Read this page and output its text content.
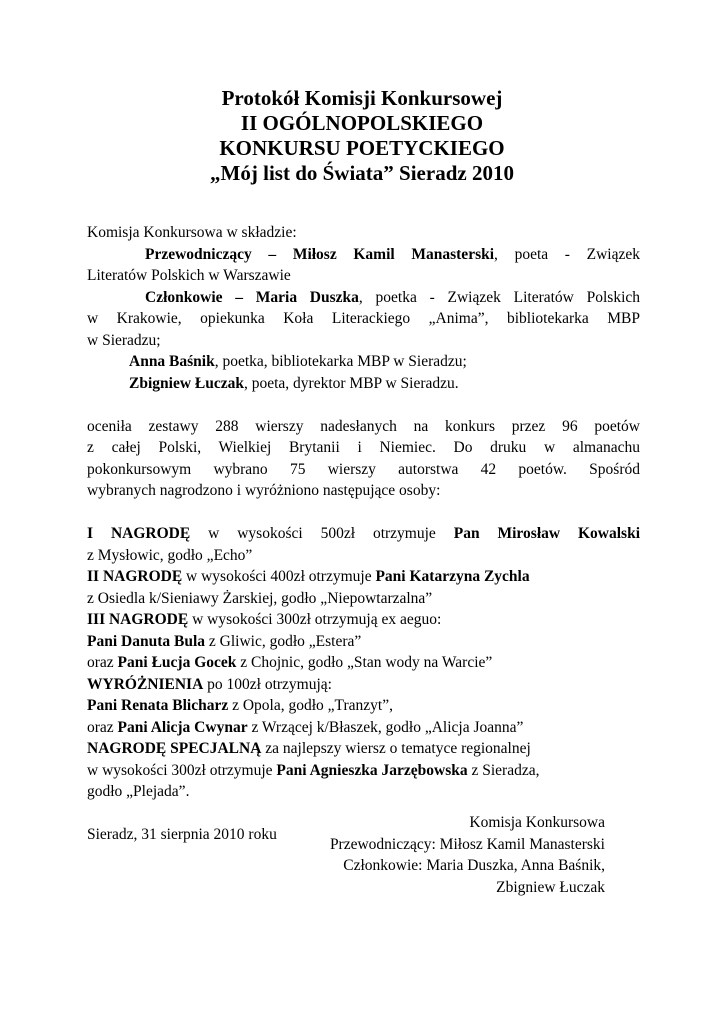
Protokół Komisji Konkursowej
II OGÓLNOPOLSKIEGO
KONKURSU POETYCKIEGO
„Mój list do Świata” Sieradz 2010
Komisja Konkursowa w składzie:
Przewodniczący – Miłosz Kamil Manasterski, poeta - Związek
Literatów Polskich w Warszawie
Członkowie – Maria Duszka, poetka - Związek Literatów Polskich
w Krakowie, opiekunka Koła Literackiego „Anima”, bibliotekarka MBP
w Sieradzu;
Anna Baśnik, poetka, bibliotekarka MBP w Sieradzu;
Zbigniew Łuczak, poeta, dyrektor MBP w Sieradzu.
oceniła zestawy 288 wierszy nadesłanych na konkurs przez 96 poetów
z całej Polski, Wielkiej Brytanii i Niemiec. Do druku w almanachu
pokonkursowym wybrano 75 wierszy autorstwa 42 poetów. Spośród
wybranych nagrodzono i wyróżniono następujące osoby:
I NAGRODĘ w wysokości 500zł otrzymuje Pan Mirosław Kowalski
z Mysłowic, godło „Echo”
II NAGRODĘ w wysokości 400zł otrzymuje Pani Katarzyna Zychla
z Osiedla k/Sieniawy Żarskiej, godło „Niepowtarzalna”
III NAGRODĘ w wysokości 300zł otrzymują ex aeguo:
Pani Danuta Bula z Gliwic, godło „Estera”
oraz Pani Łucja Gocek z Chojnic, godło „Stan wody na Warcie”
WYRÓŻNIENIA po 100zł otrzymują:
Pani Renata Blicharz z Opola, godło „Tranzyt”,
oraz Pani Alicja Cwynar z Wrzącej k/Błaszek, godło „Alicja Joanna”
NAGRODĘ SPECJALNĄ za najlepszy wiersz o tematyce regionalnej
w wysokości 300zł otrzymuje Pani Agnieszka Jarzębowska z Sieradza,
godło „Plejada”.
Sieradz, 31 sierpnia 2010 roku
Komisja Konkursowa
Przewodniczący: Miłosz Kamil Manasterski
Członkowie: Maria Duszka, Anna Baśnik,
Zbigniew Łuczak
